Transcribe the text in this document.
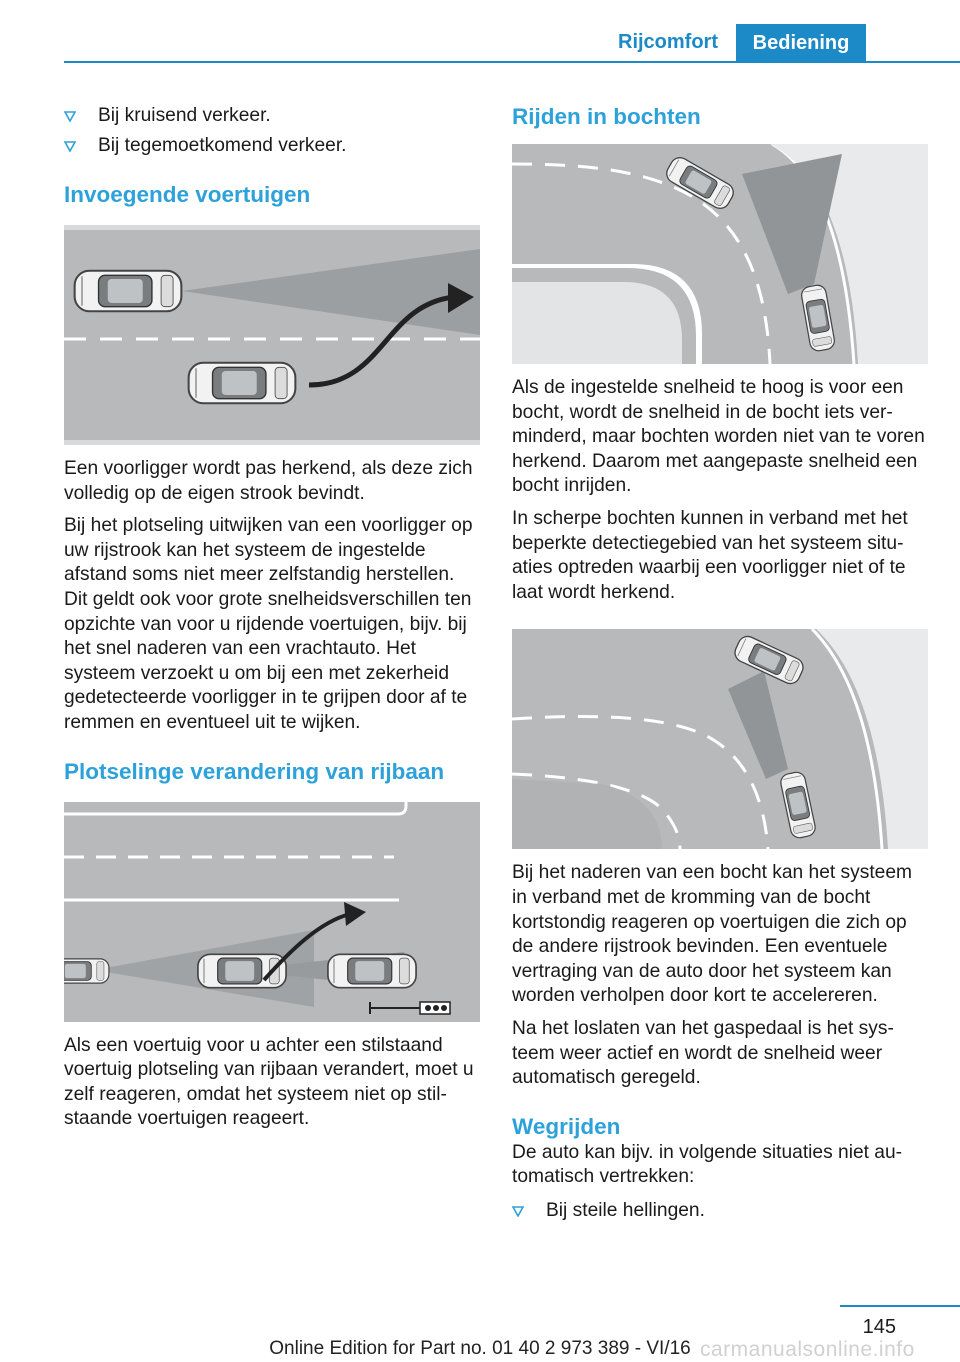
Rijcomfort	Bediening
Bij kruisend verkeer.
Bij tegemoetkomend verkeer.
Invoegende voertuigen

Een voorligger wordt pas herkend, als deze zich volledig op de eigen strook bevindt.

Bij het plotseling uitwijken van een voorligger op uw rijstrook kan het systeem de ingestelde afstand soms niet meer zelfstandig herstellen. Dit geldt ook voor grote snelheidsverschillen ten opzichte van voor u rijdende voertuigen, bijv. bij het snel naderen van een vrachtauto. Het systeem verzoekt u om bij een met zekerheid gedetecteerde voorligger in te grijpen door af te remmen en eventueel uit te wijken.

Plotselinge verandering van rijbaan

Als een voertuig voor u achter een stilstaand voertuig plotseling van rijbaan verandert, moet u zelf reageren, omdat het systeem niet op stilstaande voertuigen reageert.

Rijden in bochten

Als de ingestelde snelheid te hoog is voor een bocht, wordt de snelheid in de bocht iets verminderd, maar bochten worden niet van te voren herkend. Daarom met aangepaste snelheid een bocht inrijden.

In scherpe bochten kunnen in verband met het beperkte detectiegebied van het systeem situaties optreden waarbij een voorligger niet of te laat wordt herkend.

Bij het naderen van een bocht kan het systeem in verband met de kromming van de bocht kortstondig reageren op voertuigen die zich op de andere rijstrook bevinden. Een eventuele vertraging van de auto door het systeem kan worden verholpen door kort te accelereren.

Na het loslaten van het gaspedaal is het systeem weer actief en wordt de snelheid weer automatisch geregeld.

Wegrijden

De auto kan bijv. in volgende situaties niet automatisch vertrekken:

Bij steile hellingen.
145
Online Edition for Part no. 01 40 2 973 389 - VI/16 carmanualsonline.info
